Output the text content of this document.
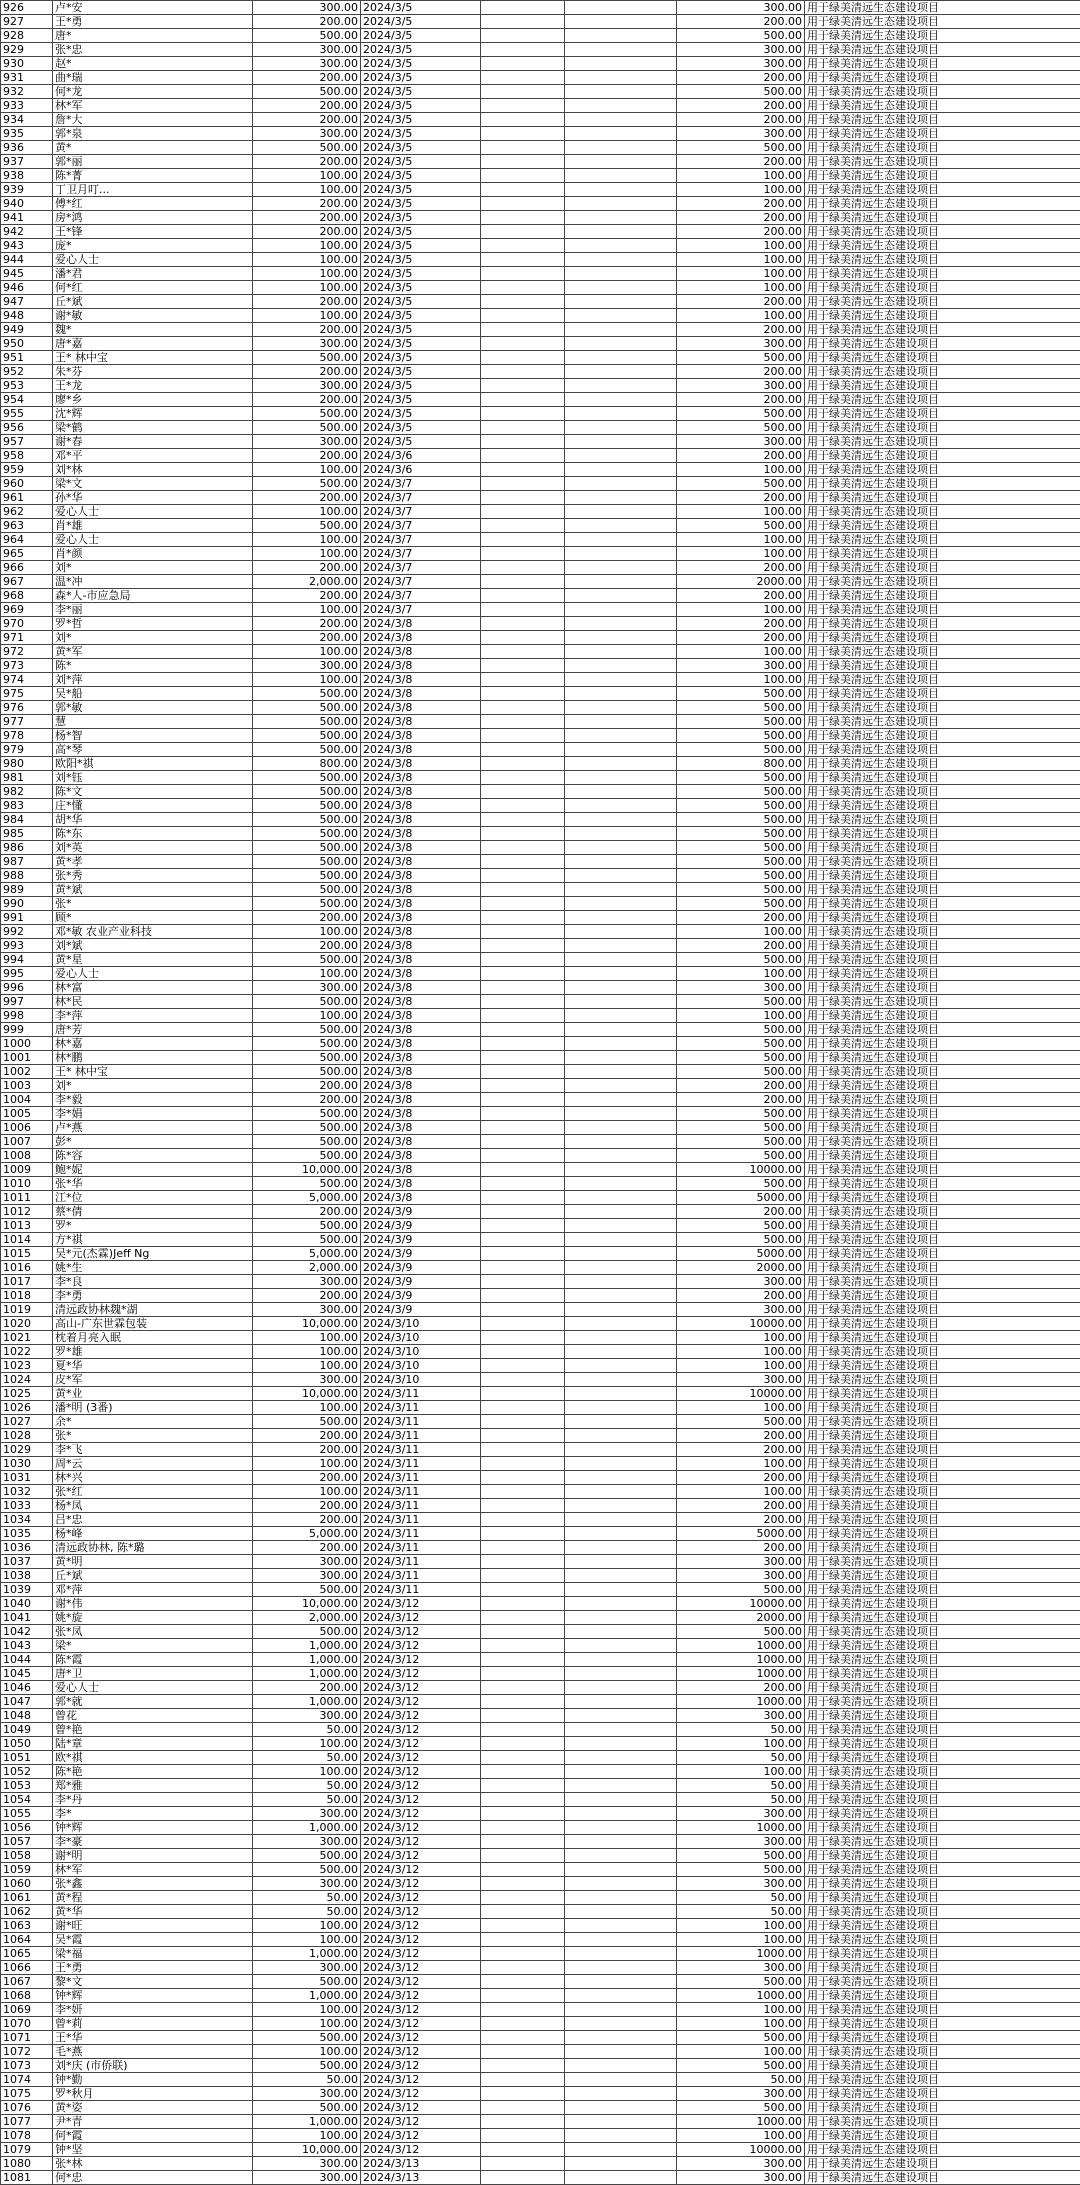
926	卢*安	300.00	2024/3/5			300.00	用于绿美清远生态建设项目
927	王*勇	200.00	2024/3/5			200.00	用于绿美清远生态建设项目
928	唐*	500.00	2024/3/5			500.00	用于绿美清远生态建设项目
929	张*忠	300.00	2024/3/5			300.00	用于绿美清远生态建设项目
930	赵*	300.00	2024/3/5			300.00	用于绿美清远生态建设项目
931	曲*瑞	200.00	2024/3/5			200.00	用于绿美清远生态建设项目
932	何*龙	500.00	2024/3/5			500.00	用于绿美清远生态建设项目
933	林*军	200.00	2024/3/5			200.00	用于绿美清远生态建设项目
934	詹*大	200.00	2024/3/5			200.00	用于绿美清远生态建设项目
935	郭*泉	300.00	2024/3/5			300.00	用于绿美清远生态建设项目
936	黄*	500.00	2024/3/5			500.00	用于绿美清远生态建设项目
937	郭*丽	200.00	2024/3/5			200.00	用于绿美清远生态建设项目
938	陈*菁	100.00	2024/3/5			100.00	用于绿美清远生态建设项目
939	丁卫月叮...	100.00	2024/3/5			100.00	用于绿美清远生态建设项目
940	傅*红	200.00	2024/3/5			200.00	用于绿美清远生态建设项目
941	房*鸿	200.00	2024/3/5			200.00	用于绿美清远生态建设项目
942	王*锋	200.00	2024/3/5			200.00	用于绿美清远生态建设项目
943	庞*	100.00	2024/3/5			100.00	用于绿美清远生态建设项目
944	爱心人士	100.00	2024/3/5			100.00	用于绿美清远生态建设项目
945	潘*君	100.00	2024/3/5			100.00	用于绿美清远生态建设项目
946	何*红	100.00	2024/3/5			100.00	用于绿美清远生态建设项目
947	丘*斌	200.00	2024/3/5			200.00	用于绿美清远生态建设项目
948	谢*敏	100.00	2024/3/5			100.00	用于绿美清远生态建设项目
949	魏*	200.00	2024/3/5			200.00	用于绿美清远生态建设项目
950	唐*嘉	300.00	2024/3/5			300.00	用于绿美清远生态建设项目
951	王* 林中宝	500.00	2024/3/5			500.00	用于绿美清远生态建设项目
952	朱*芬	200.00	2024/3/5			200.00	用于绿美清远生态建设项目
953	王*龙	300.00	2024/3/5			300.00	用于绿美清远生态建设项目
954	廖*乡	200.00	2024/3/5			200.00	用于绿美清远生态建设项目
955	沈*辉	500.00	2024/3/5			500.00	用于绿美清远生态建设项目
956	梁*鹤	500.00	2024/3/5			500.00	用于绿美清远生态建设项目
957	谢*春	300.00	2024/3/5			300.00	用于绿美清远生态建设项目
958	邓*平	200.00	2024/3/6			200.00	用于绿美清远生态建设项目
959	刘*林	100.00	2024/3/6			100.00	用于绿美清远生态建设项目
960	梁*文	500.00	2024/3/7			500.00	用于绿美清远生态建设项目
961	孙*华	200.00	2024/3/7			200.00	用于绿美清远生态建设项目
962	爱心人士	100.00	2024/3/7			100.00	用于绿美清远生态建设项目
963	肖*雄	500.00	2024/3/7			500.00	用于绿美清远生态建设项目
964	爱心人士	100.00	2024/3/7			100.00	用于绿美清远生态建设项目
965	肖*颜	100.00	2024/3/7			100.00	用于绿美清远生态建设项目
966	刘*	200.00	2024/3/7			200.00	用于绿美清远生态建设项目
967	温*冲	2,000.00	2024/3/7			2000.00	用于绿美清远生态建设项目
968	森*人-市应急局	200.00	2024/3/7			200.00	用于绿美清远生态建设项目
969	李*丽	100.00	2024/3/7			100.00	用于绿美清远生态建设项目
970	罗*哲	200.00	2024/3/8			200.00	用于绿美清远生态建设项目
971	刘*	200.00	2024/3/8			200.00	用于绿美清远生态建设项目
972	黄*军	100.00	2024/3/8			100.00	用于绿美清远生态建设项目
973	陈*	300.00	2024/3/8			300.00	用于绿美清远生态建设项目
974	刘*萍	100.00	2024/3/8			100.00	用于绿美清远生态建设项目
975	吴*船	500.00	2024/3/8			500.00	用于绿美清远生态建设项目
976	郭*敏	500.00	2024/3/8			500.00	用于绿美清远生态建设项目
977	慧	500.00	2024/3/8			500.00	用于绿美清远生态建设项目
978	杨*智	500.00	2024/3/8			500.00	用于绿美清远生态建设项目
979	高*琴	500.00	2024/3/8			500.00	用于绿美清远生态建设项目
980	欧阳*祺	800.00	2024/3/8			800.00	用于绿美清远生态建设项目
981	刘*钰	500.00	2024/3/8			500.00	用于绿美清远生态建设项目
982	陈*文	500.00	2024/3/8			500.00	用于绿美清远生态建设项目
983	庄*懂	500.00	2024/3/8			500.00	用于绿美清远生态建设项目
984	胡*华	500.00	2024/3/8			500.00	用于绿美清远生态建设项目
985	陈*东	500.00	2024/3/8			500.00	用于绿美清远生态建设项目
986	刘*英	500.00	2024/3/8			500.00	用于绿美清远生态建设项目
987	黄*孝	500.00	2024/3/8			500.00	用于绿美清远生态建设项目
988	张*秀	500.00	2024/3/8			500.00	用于绿美清远生态建设项目
989	黄*斌	500.00	2024/3/8			500.00	用于绿美清远生态建设项目
990	张*	500.00	2024/3/8			500.00	用于绿美清远生态建设项目
991	顾*	200.00	2024/3/8			200.00	用于绿美清远生态建设项目
992	邓*敏 农业产业科技	100.00	2024/3/8			100.00	用于绿美清远生态建设项目
993	刘*斌	200.00	2024/3/8			200.00	用于绿美清远生态建设项目
994	黄*星	500.00	2024/3/8			500.00	用于绿美清远生态建设项目
995	爱心人士	100.00	2024/3/8			100.00	用于绿美清远生态建设项目
996	林*富	300.00	2024/3/8			300.00	用于绿美清远生态建设项目
997	林*民	500.00	2024/3/8			500.00	用于绿美清远生态建设项目
998	李*萍	100.00	2024/3/8			100.00	用于绿美清远生态建设项目
999	唐*芳	500.00	2024/3/8			500.00	用于绿美清远生态建设项目
1000	林*嘉	500.00	2024/3/8			500.00	用于绿美清远生态建设项目
1001	林*鹏	500.00	2024/3/8			500.00	用于绿美清远生态建设项目
1002	王* 林中宝	500.00	2024/3/8			500.00	用于绿美清远生态建设项目
1003	刘*	200.00	2024/3/8			200.00	用于绿美清远生态建设项目
1004	李*毅	200.00	2024/3/8			200.00	用于绿美清远生态建设项目
1005	李*娟	500.00	2024/3/8			500.00	用于绿美清远生态建设项目
1006	卢*燕	500.00	2024/3/8			500.00	用于绿美清远生态建设项目
1007	彭*	500.00	2024/3/8			500.00	用于绿美清远生态建设项目
1008	陈*容	500.00	2024/3/8			500.00	用于绿美清远生态建设项目
1009	鲍*妮	10,000.00	2024/3/8			10000.00	用于绿美清远生态建设项目
1010	张*华	500.00	2024/3/8			500.00	用于绿美清远生态建设项目
1011	江*位	5,000.00	2024/3/8			5000.00	用于绿美清远生态建设项目
1012	蔡*倩	200.00	2024/3/9			200.00	用于绿美清远生态建设项目
1013	罗*	500.00	2024/3/9			500.00	用于绿美清远生态建设项目
1014	方*祺	500.00	2024/3/9			500.00	用于绿美清远生态建设项目
1015	吴*元(杰霖)Jeff Ng	5,000.00	2024/3/9			5000.00	用于绿美清远生态建设项目
1016	姚*生	2,000.00	2024/3/9			2000.00	用于绿美清远生态建设项目
1017	李*良	300.00	2024/3/9			300.00	用于绿美清远生态建设项目
1018	李*勇	200.00	2024/3/9			200.00	用于绿美清远生态建设项目
1019	清远政协林魏*湖	300.00	2024/3/9			300.00	用于绿美清远生态建设项目
1020	高山-广东世霖包装	10,000.00	2024/3/10			10000.00	用于绿美清远生态建设项目
1021	枕着月亮入眠	100.00	2024/3/10			100.00	用于绿美清远生态建设项目
1022	罗*雄	100.00	2024/3/10			100.00	用于绿美清远生态建设项目
1023	夏*华	100.00	2024/3/10			100.00	用于绿美清远生态建设项目
1024	皮*军	300.00	2024/3/10			300.00	用于绿美清远生态建设项目
1025	黄*业	10,000.00	2024/3/11			10000.00	用于绿美清远生态建设项目
1026	潘*明 (3番)	100.00	2024/3/11			100.00	用于绿美清远生态建设项目
1027	余*	500.00	2024/3/11			500.00	用于绿美清远生态建设项目
1028	张*	200.00	2024/3/11			200.00	用于绿美清远生态建设项目
1029	李*飞	200.00	2024/3/11			200.00	用于绿美清远生态建设项目
1030	周*云	100.00	2024/3/11			100.00	用于绿美清远生态建设项目
1031	林*兴	200.00	2024/3/11			200.00	用于绿美清远生态建设项目
1032	张*红	100.00	2024/3/11			100.00	用于绿美清远生态建设项目
1033	杨*凤	200.00	2024/3/11			200.00	用于绿美清远生态建设项目
1034	吕*忠	200.00	2024/3/11			200.00	用于绿美清远生态建设项目
1035	杨*峰	5,000.00	2024/3/11			5000.00	用于绿美清远生态建设项目
1036	清远政协林, 陈*璐	200.00	2024/3/11			200.00	用于绿美清远生态建设项目
1037	黄*明	300.00	2024/3/11			300.00	用于绿美清远生态建设项目
1038	丘*斌	300.00	2024/3/11			300.00	用于绿美清远生态建设项目
1039	邓*萍	500.00	2024/3/11			500.00	用于绿美清远生态建设项目
1040	谢*伟	10,000.00	2024/3/12			10000.00	用于绿美清远生态建设项目
1041	姚*旋	2,000.00	2024/3/12			2000.00	用于绿美清远生态建设项目
1042	张*凤	500.00	2024/3/12			500.00	用于绿美清远生态建设项目
1043	梁*	1,000.00	2024/3/12			1000.00	用于绿美清远生态建设项目
1044	陈*霞	1,000.00	2024/3/12			1000.00	用于绿美清远生态建设项目
1045	唐*卫	1,000.00	2024/3/12			1000.00	用于绿美清远生态建设项目
1046	爱心人士	200.00	2024/3/12			200.00	用于绿美清远生态建设项目
1047	郭*就	1,000.00	2024/3/12			1000.00	用于绿美清远生态建设项目
1048	曾花	300.00	2024/3/12			300.00	用于绿美清远生态建设项目
1049	曾*艳	50.00	2024/3/12			50.00	用于绿美清远生态建设项目
1050	陆*章	100.00	2024/3/12			100.00	用于绿美清远生态建设项目
1051	欧*祺	50.00	2024/3/12			50.00	用于绿美清远生态建设项目
1052	陈*艳	100.00	2024/3/12			100.00	用于绿美清远生态建设项目
1053	郑*雅	50.00	2024/3/12			50.00	用于绿美清远生态建设项目
1054	李*丹	50.00	2024/3/12			50.00	用于绿美清远生态建设项目
1055	李*	300.00	2024/3/12			300.00	用于绿美清远生态建设项目
1056	钟*辉	1,000.00	2024/3/12			1000.00	用于绿美清远生态建设项目
1057	李*豪	300.00	2024/3/12			300.00	用于绿美清远生态建设项目
1058	谢*明	500.00	2024/3/12			500.00	用于绿美清远生态建设项目
1059	林*军	500.00	2024/3/12			500.00	用于绿美清远生态建设项目
1060	张*鑫	300.00	2024/3/12			300.00	用于绿美清远生态建设项目
1061	黄*程	50.00	2024/3/12			50.00	用于绿美清远生态建设项目
1062	黄*华	50.00	2024/3/12			50.00	用于绿美清远生态建设项目
1063	谢*旺	100.00	2024/3/12			100.00	用于绿美清远生态建设项目
1064	吴*霞	100.00	2024/3/12			100.00	用于绿美清远生态建设项目
1065	梁*福	1,000.00	2024/3/12			1000.00	用于绿美清远生态建设项目
1066	王*勇	300.00	2024/3/12			300.00	用于绿美清远生态建设项目
1067	黎*文	500.00	2024/3/12			500.00	用于绿美清远生态建设项目
1068	钟*辉	1,000.00	2024/3/12			1000.00	用于绿美清远生态建设项目
1069	李*妍	100.00	2024/3/12			100.00	用于绿美清远生态建设项目
1070	曾*莉	100.00	2024/3/12			100.00	用于绿美清远生态建设项目
1071	王*华	500.00	2024/3/12			500.00	用于绿美清远生态建设项目
1072	毛*燕	100.00	2024/3/12			100.00	用于绿美清远生态建设项目
1073	刘*庆 (市侨联)	500.00	2024/3/12			500.00	用于绿美清远生态建设项目
1074	钟*勤	50.00	2024/3/12			50.00	用于绿美清远生态建设项目
1075	罗*秋月	300.00	2024/3/12			300.00	用于绿美清远生态建设项目
1076	黄*姿	500.00	2024/3/12			500.00	用于绿美清远生态建设项目
1077	尹*青	1,000.00	2024/3/12			1000.00	用于绿美清远生态建设项目
1078	何*霞	100.00	2024/3/12			100.00	用于绿美清远生态建设项目
1079	钟*坚	10,000.00	2024/3/12			10000.00	用于绿美清远生态建设项目
1080	张*林	300.00	2024/3/13			300.00	用于绿美清远生态建设项目
1081	何*忠	300.00	2024/3/13			300.00	用于绿美清远生态建设项目
